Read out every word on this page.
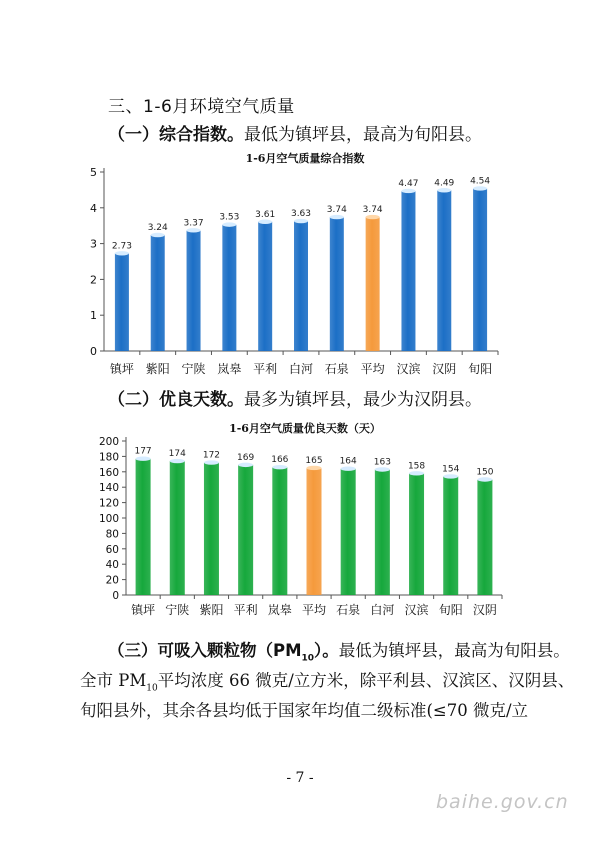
三、1-6月环境空气质量
（一）综合指数。最低为镇坪县，最高为旬阳县。
1-6月空气质量综合指数
0
1
2
3
4
5
2.73
镇坪
3.24
紫阳
3.37
宁陕
3.53
岚皋
3.61
平利
3.63
白河
3.74
石泉
3.74
平均
4.47
汉滨
4.49
汉阴
4.54
旬阳
（二）优良天数。最多为镇坪县，最少为汉阴县。
1-6月空气质量优良天数（天）
0
20
40
60
80
100
120
140
160
180
200
177
镇坪
174
宁陕
172
紫阳
169
平利
166
岚皋
165
平均
164
石泉
163
白河
158
汉滨
154
旬阳
150
汉阴
（三）可吸入颗粒物$(PM_{10})$。最低为镇坪县，最高为旬阳县。
全市 $PM_{10}$平均浓度 66 微克/立方米，除平利县、汉滨区、汉阴县、
旬阳县外，其余各县均低于国家年均值二级标准(≤70 微克/立
- 7 -
baihe.gov.cn
